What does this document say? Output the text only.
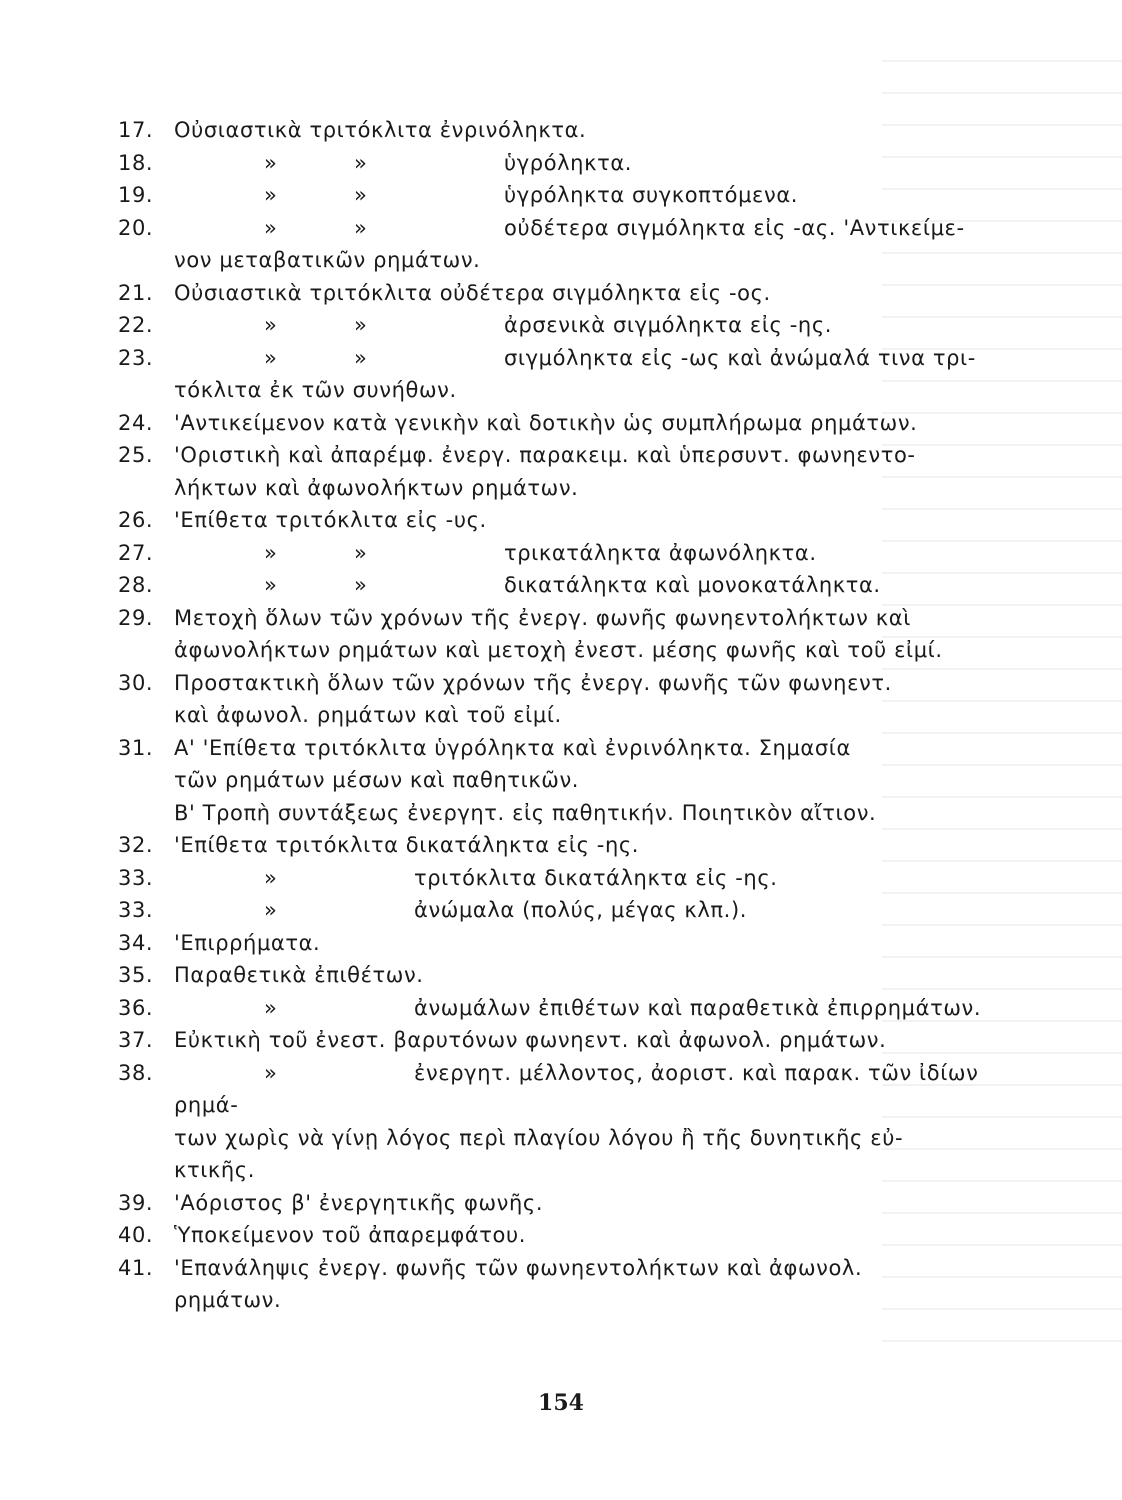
17. Οὐσιαστικὰ τριτόκλιτα ἐνρινόληκτα.
18.	»	»	ὑγρόληκτα.
19.	»	»	ὑγρόληκτα συγκοπτόμενα.
20.	»	»	οὐδέτερα σιγμόληκτα εἰς -ας. 'Αντικείμε-
νον μεταβατικῶν ρημάτων.
21. Οὐσιαστικὰ τριτόκλιτα οὐδέτερα σιγμόληκτα εἰς -ος.
22.	»	»	ἀρσενικὰ σιγμόληκτα εἰς -ης.
23.	»	»	σιγμόληκτα εἰς -ως καὶ ἀνώμαλά τινα τρι-
τόκλιτα ἐκ τῶν συνήθων.
24. 'Αντικείμενον κατὰ γενικὴν καὶ δοτικὴν ὡς συμπλήρωμα ρημάτων.
25. 'Οριστικὴ καὶ ἀπαρέμφ. ἐνεργ. παρακειμ. καὶ ὑπερσυντ. φωνηεντο-
λήκτων καὶ ἀφωνολήκτων ρημάτων.
26. 'Επίθετα τριτόκλιτα εἰς -υς.
27.	»	»	τρικατάληκτα ἀφωνόληκτα.
28.	»	»	δικατάληκτα καὶ μονοκατάληκτα.
29. Μετοχὴ ὅλων τῶν χρόνων τῆς ἐνεργ. φωνῆς φωνηεντολήκτων καὶ
ἀφωνολήκτων ρημάτων καὶ μετοχὴ ἐνεστ. μέσης φωνῆς καὶ τοῦ εἰμί.
30. Προστακτικὴ ὅλων τῶν χρόνων τῆς ἐνεργ. φωνῆς τῶν φωνηεντ.
καὶ ἀφωνολ. ρημάτων καὶ τοῦ εἰμί.
31. Α' 'Επίθετα τριτόκλιτα ὑγρόληκτα καὶ ἐνρινόληκτα. Σημασία
τῶν ρημάτων μέσων καὶ παθητικῶν.
Β' Τροπὴ συντάξεως ἐνεργητ. εἰς παθητικήν. Ποιητικὸν αἴτιον.
32. 'Επίθετα τριτόκλιτα δικατάληκτα εἰς -ης.
33.	»	τριτόκλιτα δικατάληκτα εἰς -ης.
33.	»	ἀνώμαλα (πολύς, μέγας κλπ.).
34. 'Επιρρήματα.
35. Παραθετικὰ ἐπιθέτων.
36.	»	ἀνωμάλων ἐπιθέτων καὶ παραθετικὰ ἐπιρρημάτων.
37. Εὐκτικὴ τοῦ ἐνεστ. βαρυτόνων φωνηεντ. καὶ ἀφωνολ. ρημάτων.
38.	»	ἐνεργητ. μέλλοντος, ἀοριστ. καὶ παρακ. τῶν ἰδίων ρημά-
των χωρὶς νὰ γίνῃ λόγος περὶ πλαγίου λόγου ἢ τῆς δυνητικῆς εὐ-
κτικῆς.
39. 'Αόριστος β' ἐνεργητικῆς φωνῆς.
40. Ὑποκείμενον τοῦ ἀπαρεμφάτου.
41. 'Επανάληψις ἐνεργ. φωνῆς τῶν φωνηεντολήκτων καὶ ἀφωνολ.
ρημάτων.
154
